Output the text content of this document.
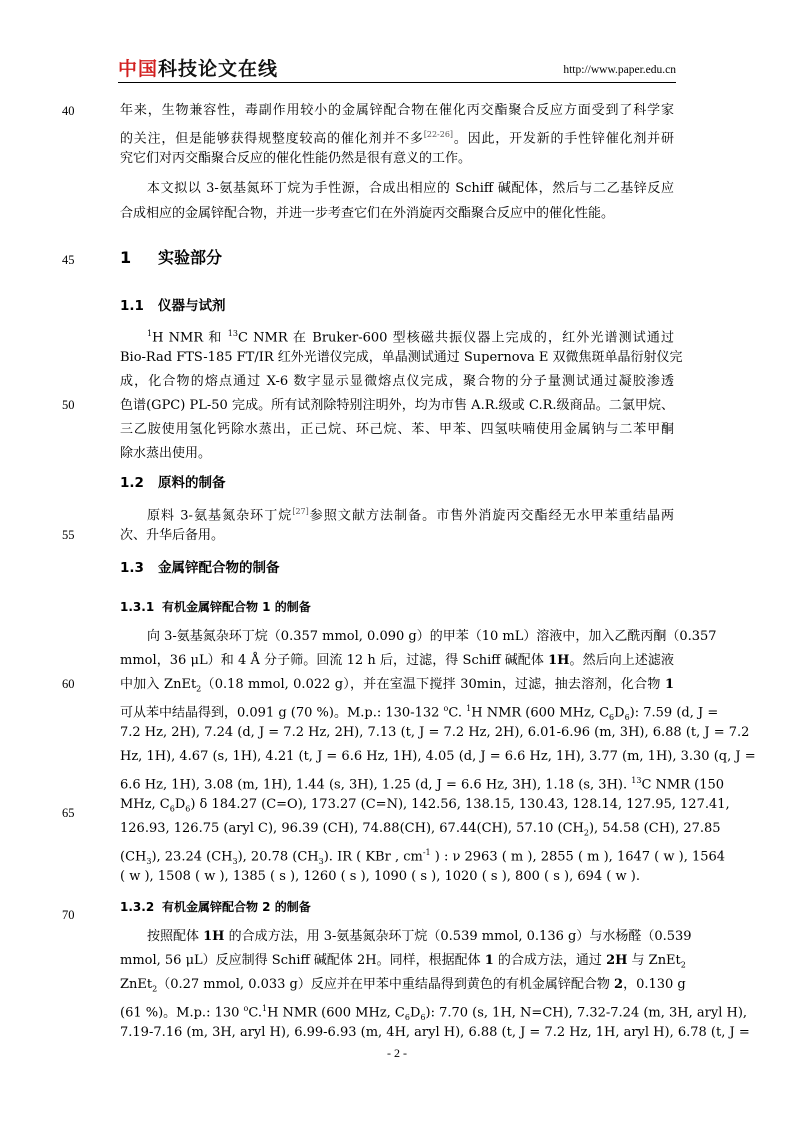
中国科技论文在线	http://www.paper.edu.cn
40
45
50
55
60
65
70
年来，生物兼容性，毒副作用较小的金属锌配合物在催化丙交酯聚合反应方面受到了科学家
的关注，但是能够获得规整度较高的催化剂并不多[22-26]。因此，开发新的手性锌催化剂并研
究它们对丙交酯聚合反应的催化性能仍然是很有意义的工作。
本文拟以 3-氨基氮环丁烷为手性源，合成出相应的 Schiff 碱配体，然后与二乙基锌反应
合成相应的金属锌配合物，并进一步考查它们在外消旋丙交酯聚合反应中的催化性能。
1 实验部分
1.1 仪器与试剂
$^1$H NMR 和 $^{13}$C NMR 在 Bruker-600 型核磁共振仪器上完成的，红外光谱测试通过
Bio-Rad FTS-185 FT/IR 红外光谱仪完成，单晶测试通过 Supernova E 双微焦斑单晶衍射仪完
成，化合物的熔点通过 X-6 数字显示显微熔点仪完成，聚合物的分子量测试通过凝胶渗透
色谱(GPC) PL-50 完成。所有试剂除特别注明外，均为市售 A.R.级或 C.R.级商品。二氯甲烷、
三乙胺使用氢化钙除水蒸出，正己烷、环己烷、苯、甲苯、四氢呋喃使用金属钠与二苯甲酮
除水蒸出使用。
1.2 原料的制备
原料 3-氨基氮杂环丁烷[27]参照文献方法制备。市售外消旋丙交酯经无水甲苯重结晶两
次、升华后备用。
1.3 金属锌配合物的制备
1.3.1 有机金属锌配合物 1 的制备
向 3-氨基氮杂环丁烷（0.357 mmol, 0.090 g）的甲苯（10 mL）溶液中，加入乙酰丙酮（0.357
mmol，36 μL）和 4 Å 分子筛。回流 12 h 后，过滤，得 Schiff 碱配体 1H。然后向上述滤液
中加入 ZnEt$_2$（0.18 mmol, 0.022 g），并在室温下搅拌 30min，过滤，抽去溶剂，化合物 1
可从苯中结晶得到，0.091 g (70 %)。M.p.: 130-132 $^o$C. $^1$H NMR (600 MHz, $C_6D_6$): 7.59 (d, J =
7.2 Hz, 2H), 7.24 (d, J = 7.2 Hz, 2H), 7.13 (t, J = 7.2 Hz, 2H), 6.01-6.96 (m, 3H), 6.88 (t, J = 7.2
Hz, 1H), 4.67 (s, 1H), 4.21 (t, J = 6.6 Hz, 1H), 4.05 (d, J = 6.6 Hz, 1H), 3.77 (m, 1H), 3.30 (q, J =
6.6 Hz, 1H), 3.08 (m, 1H), 1.44 (s, 3H), 1.25 (d, J = 6.6 Hz, 3H), 1.18 (s, 3H). $^{13}$C NMR (150
MHz, $C_6D_6$) δ 184.27 (C=O), 173.27 (C=N), 142.56, 138.15, 130.43, 128.14, 127.95, 127.41,
126.93, 126.75 (aryl C), 96.39 (CH), 74.88(CH), 67.44(CH), 57.10 $(CH_2)$, 54.58 (CH), 27.85
$(CH_3)$, 23.24 $(CH_3)$, 20.78 $(CH_3)$. IR ( KBr , $cm^{-1}$ ) : ν 2963 ( m ), 2855 ( m ), 1647 ( w ), 1564
( w ), 1508 ( w ), 1385 ( s ), 1260 ( s ), 1090 ( s ), 1020 ( s ), 800 ( s ), 694 ( w ).
1.3.2 有机金属锌配合物 2 的制备
按照配体 1H 的合成方法，用 3-氨基氮杂环丁烷（0.539 mmol, 0.136 g）与水杨醛（0.539
mmol, 56 μL）反应制得 Schiff 碱配体 2H。同样，根据配体 1 的合成方法，通过 2H 与 ZnEt$_2$
ZnEt$_2$（0.27 mmol, 0.033 g）反应并在甲苯中重结晶得到黄色的有机金属锌配合物 2，0.130 g
(61 %)。M.p.: 130 $^o$C.$^1$H NMR (600 MHz, $C_6D_6$): 7.70 (s, 1H, N=CH), 7.32-7.24 (m, 3H, aryl H),
7.19-7.16 (m, 3H, aryl H), 6.99-6.93 (m, 4H, aryl H), 6.88 (t, J = 7.2 Hz, 1H, aryl H), 6.78 (t, J =
- 2 -
